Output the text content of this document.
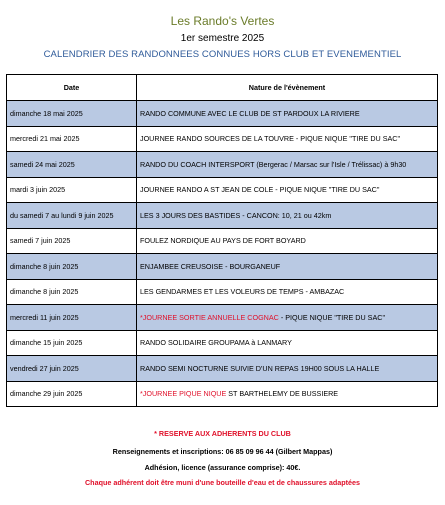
Les Rando's Vertes
1er semestre 2025
CALENDRIER DES RANDONNEES CONNUES HORS CLUB ET EVENEMENTIEL
Date	Nature de l'évènement
dimanche 18 mai 2025	RANDO COMMUNE AVEC LE CLUB DE ST PARDOUX LA RIVIERE
mercredi 21 mai 2025	JOURNEE RANDO SOURCES DE LA TOUVRE - PIQUE NIQUE "TIRE DU SAC"
samedi 24 mai 2025	RANDO DU COACH INTERSPORT (Bergerac / Marsac sur l'Isle / Trélissac) à 9h30
mardi 3 juin 2025	JOURNEE RANDO A ST JEAN DE COLE - PIQUE NIQUE "TIRE DU SAC"
du samedi 7 au lundi 9 juin 2025	LES 3 JOURS DES BASTIDES - CANCON: 10, 21 ou 42km
samedi 7 juin 2025	FOULEZ NORDIQUE AU PAYS DE FORT BOYARD
dimanche 8 juin 2025	ENJAMBEE CREUSOISE - BOURGANEUF
dimanche 8 juin 2025	LES GENDARMES ET LES VOLEURS DE TEMPS - AMBAZAC
mercredi 11 juin 2025	*JOURNEE SORTIE ANNUELLE COGNAC - PIQUE NIQUE "TIRE DU SAC"
dimanche 15 juin 2025	RANDO SOLIDAIRE GROUPAMA à LANMARY
vendredi 27 juin 2025	RANDO SEMI NOCTURNE SUIVIE D'UN REPAS 19H00 SOUS LA HALLE
dimanche 29 juin 2025	*JOURNEE PIQUE NIQUE ST BARTHELEMY DE BUSSIERE
* RESERVE AUX ADHERENTS DU CLUB
Renseignements et inscriptions: 06 85 09 96 44 (Gilbert Mappas)
Adhésion, licence (assurance comprise): 40€.
Chaque adhérent doit être muni d'une bouteille d'eau et de chaussures adaptées
